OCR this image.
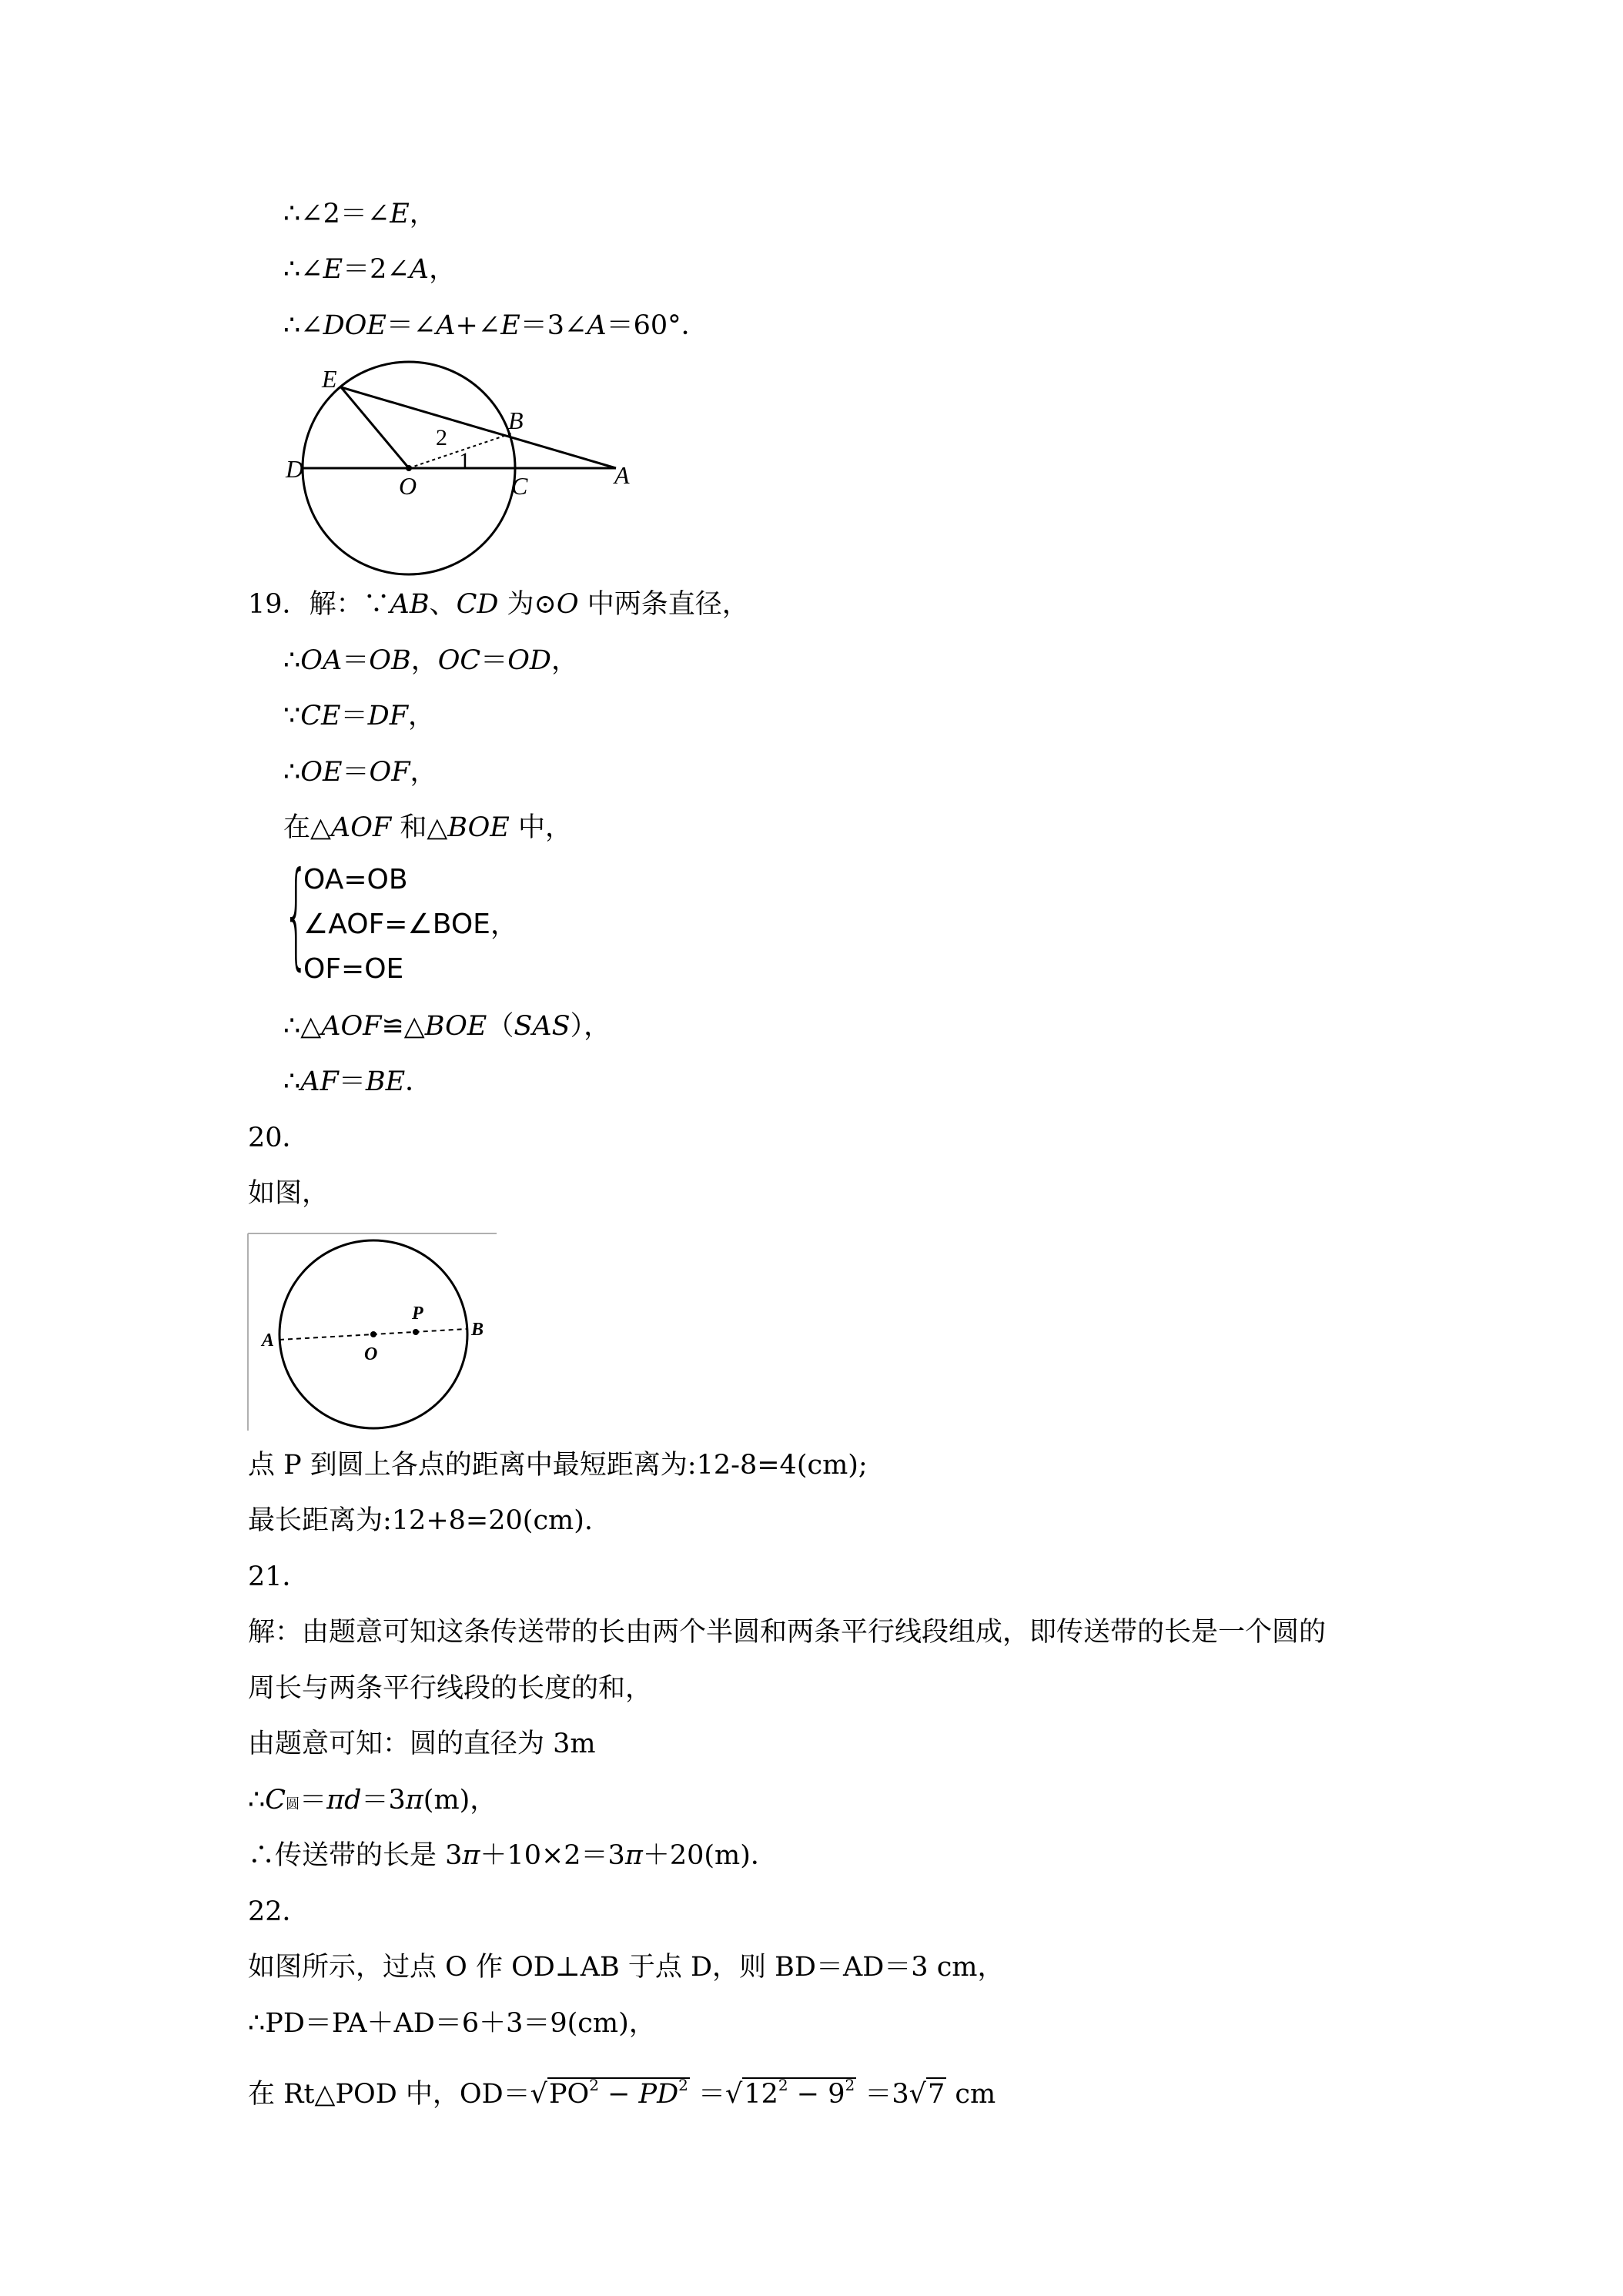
∴∠2＝∠E，
∴∠E＝2∠A，
∴∠DOE＝∠A+∠E＝3∠A＝60°．
E
B
2
1
D
O	C	A
19．解：∵AB、CD 为⊙O 中两条直径，
∴OA＝OB，OC＝OD，
∵CE＝DF，
∴OE＝OF，
在△AOF 和△BOE 中，
{
OA=OB
∠AOF=∠BOE，
OF=OE
∴△AOF≌△BOE（SAS），
∴AF＝BE．
20．
如图，
A
O
P
B
点 P 到圆上各点的距离中最短距离为:12-8=4(cm);
最长距离为:12+8=20(cm).
21．
解：由题意可知这条传送带的长由两个半圆和两条平行线段组成，即传送带的长是一个圆的
周长与两条平行线段的长度的和，
由题意可知：圆的直径为 3m
∴C圆＝πd＝3π(m)，
∴传送带的长是 3π＋10×2＝3π＋20(m)．
22．
如图所示，过点 O 作 OD⊥AB 于点 D，则 BD＝AD＝3 cm，
∴PD＝PA＋AD＝6＋3＝9(cm)，
在 Rt△POD 中，$OD=√PO^2 - PD^2 =√12^2 - 9^2 =3√7$ cm
